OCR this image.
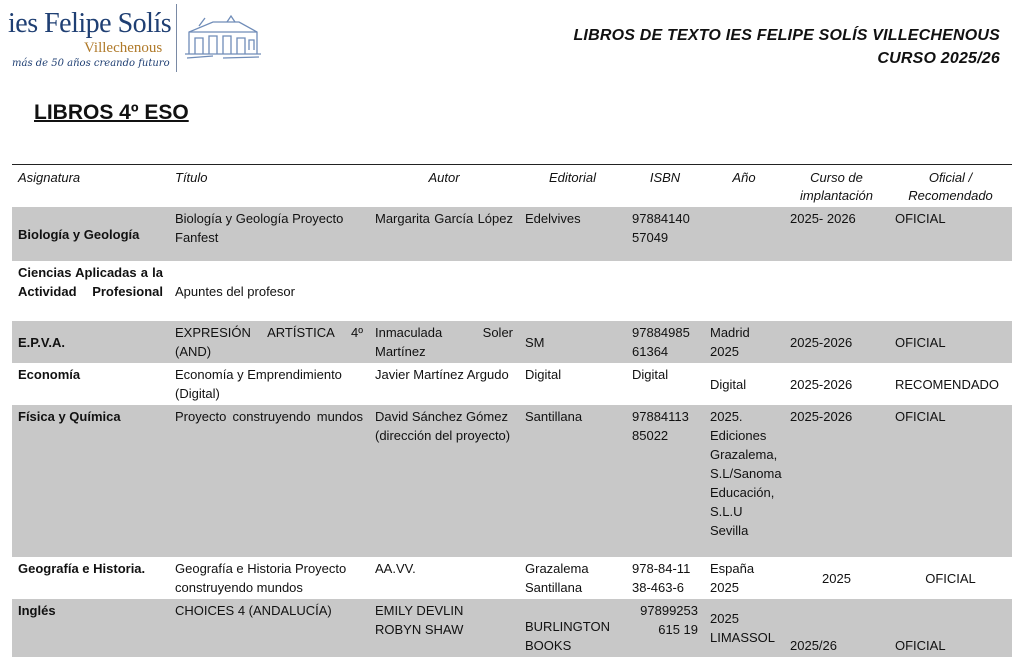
ies Felipe Solís
Villechenous
más de 50 años creando futuro
LIBROS DE TEXTO IES FELIPE SOLÍS VILLECHENOUS
CURSO 2025/26
LIBROS 4º ESO
Asignatura	Título	Autor	Editorial	ISBN	Año	Curso de implantación	Oficial / Recomendado
Biología y Geología	Biología y Geología Proyecto Fanfest	Margarita García López	Edelvives	97884140 57049		2025- 2026	OFICIAL
Ciencias Aplicadas a la Actividad Profesional	Apuntes del profesor						
E.P.V.A.	EXPRESIÓN ARTÍSTICA 4º (AND)	Inmaculada Soler Martínez	SM	97884985 61364	Madrid 2025	2025-2026	OFICIAL
Economía	Economía y Emprendimiento (Digital)	Javier Martínez Argudo	Digital	Digital	Digital	2025-2026	RECOMENDADO
Física y Química	Proyecto construyendo mundos	David Sánchez Gómez (dirección del proyecto)	Santillana	97884113 85022	2025. Ediciones Grazalema, S.L/Sanoma Educación, S.L.U Sevilla	2025-2026	OFICIAL
Geografía e Historia.	Geografía e Historia Proyecto construyendo mundos	AA.VV.	Grazalema Santillana	978-84-11 38-463-6	España 2025	2025	OFICIAL
Inglés	CHOICES 4 (ANDALUCÍA)	EMILY DEVLIN ROBYN SHAW	BURLINGTON BOOKS	97899253 615 19	2025 LIMASSOL	2025/26	OFICIAL
